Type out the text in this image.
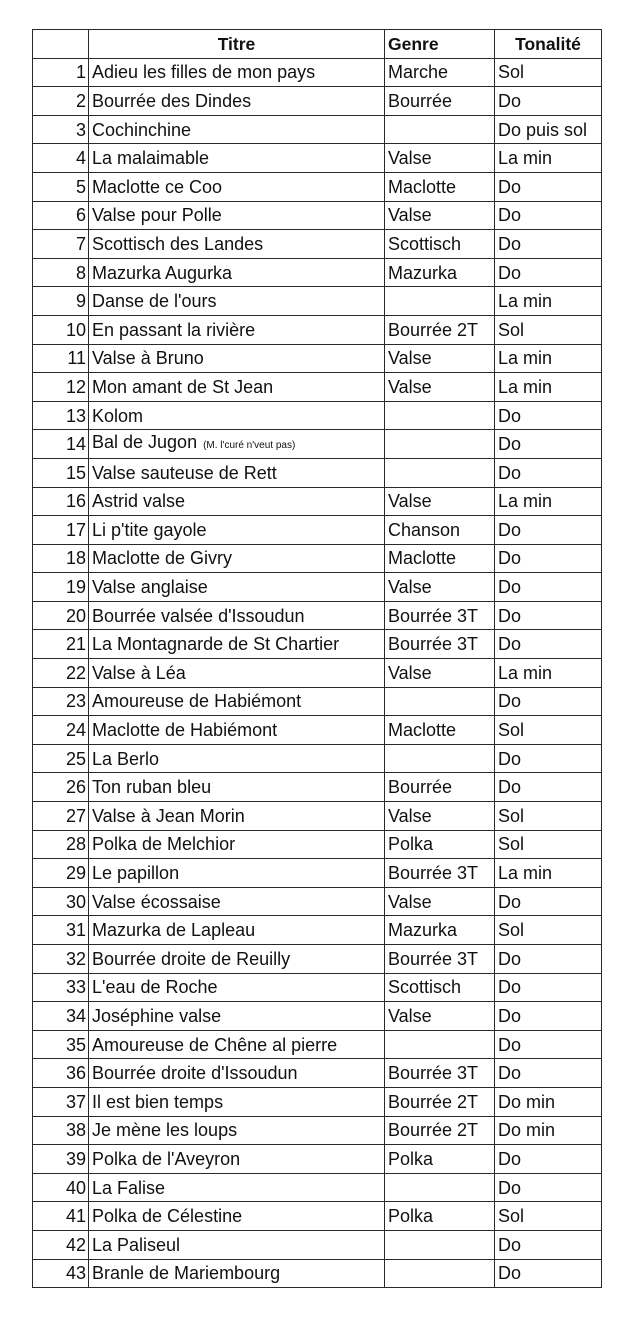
	Titre	Genre	Tonalité
1	Adieu les filles de mon pays	Marche	Sol
2	Bourrée des Dindes	Bourrée	Do
3	Cochinchine		Do puis sol
4	La malaimable	Valse	La min
5	Maclotte ce Coo	Maclotte	Do
6	Valse pour Polle	Valse	Do
7	Scottisch des Landes	Scottisch	Do
8	Mazurka Augurka	Mazurka	Do
9	Danse de l'ours		La min
10	En passant la rivière	Bourrée 2T	Sol
11	Valse à Bruno	Valse	La min
12	Mon amant de St Jean	Valse	La min
13	Kolom		Do
14	Bal de Jugon (M. l'curé n'veut pas)		Do
15	Valse sauteuse de Rett		Do
16	Astrid valse	Valse	La min
17	Li p'tite gayole	Chanson	Do
18	Maclotte de Givry	Maclotte	Do
19	Valse anglaise	Valse	Do
20	Bourrée valsée d'Issoudun	Bourrée 3T	Do
21	La Montagnarde de St Chartier	Bourrée 3T	Do
22	Valse à Léa	Valse	La min
23	Amoureuse de Habiémont		Do
24	Maclotte de Habiémont	Maclotte	Sol
25	La Berlo		Do
26	Ton ruban bleu	Bourrée	Do
27	Valse à Jean Morin	Valse	Sol
28	Polka de Melchior	Polka	Sol
29	Le papillon	Bourrée 3T	La min
30	Valse écossaise	Valse	Do
31	Mazurka de Lapleau	Mazurka	Sol
32	Bourrée droite de Reuilly	Bourrée 3T	Do
33	L'eau de Roche	Scottisch	Do
34	Joséphine valse	Valse	Do
35	Amoureuse de Chêne al pierre		Do
36	Bourrée droite d'Issoudun	Bourrée 3T	Do
37	Il est bien temps	Bourrée 2T	Do min
38	Je mène les loups	Bourrée 2T	Do min
39	Polka de l'Aveyron	Polka	Do
40	La Falise		Do
41	Polka de Célestine	Polka	Sol
42	La Paliseul		Do
43	Branle de Mariembourg		Do
